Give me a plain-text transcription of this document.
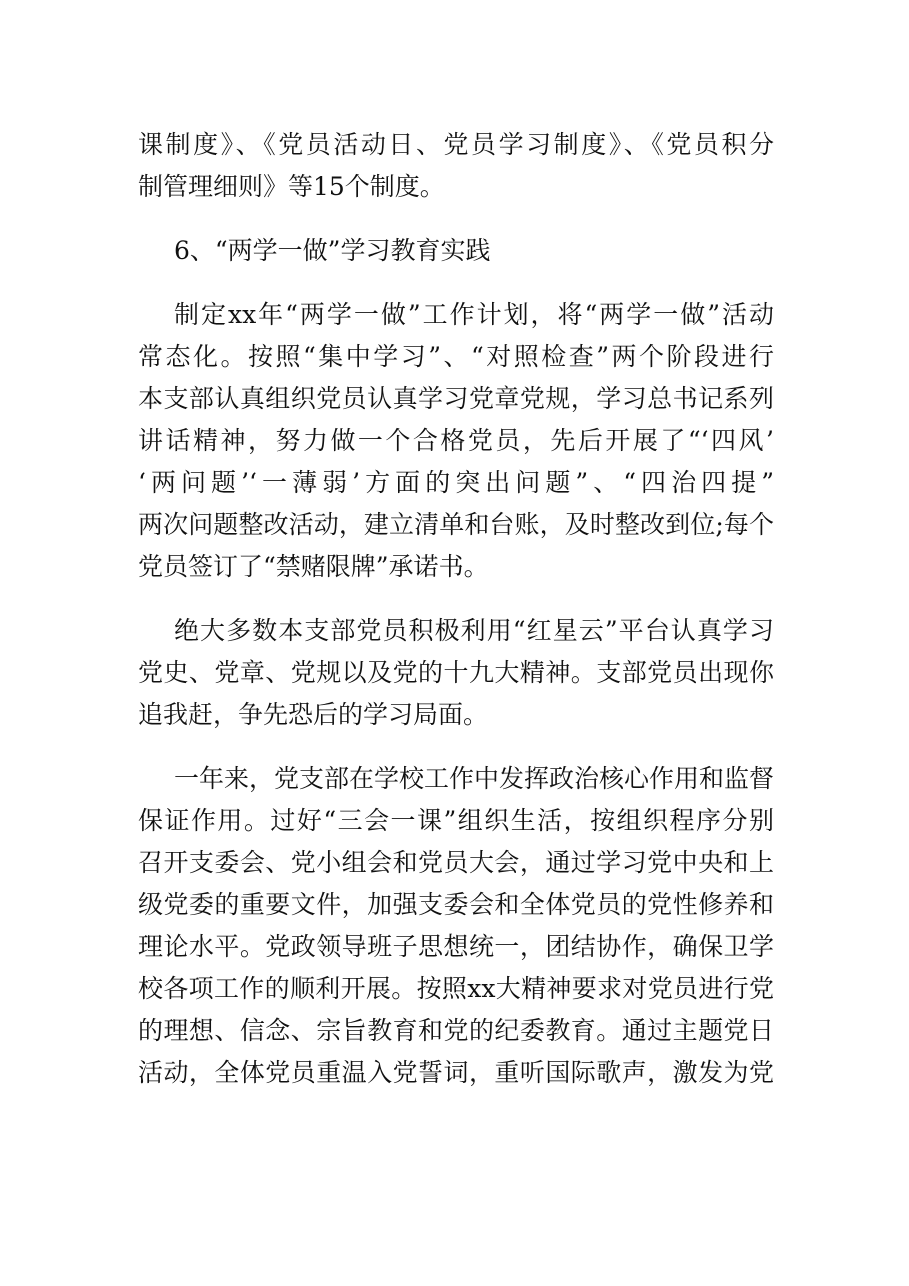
课制度》、《党员活动日、党员学习制度》、《党员积分
制管理细则》等15个制度。
6、“两学一做”学习教育实践
制定xx年“两学一做”工作计划，将“两学一做”活动
常态化。按照“集中学习”、“对照检查”两个阶段进行
本支部认真组织党员认真学习党章党规，学习总书记系列
讲话精神，努力做一个合格党员，先后开展了“‘四风’
‘两问题’‘一薄弱’方面的突出问题”、“四治四提”
两次问题整改活动，建立清单和台账，及时整改到位;每个
党员签订了“禁赌限牌”承诺书。
绝大多数本支部党员积极利用“红星云”平台认真学习
党史、党章、党规以及党的十九大精神。支部党员出现你
追我赶，争先恐后的学习局面。
一年来，党支部在学校工作中发挥政治核心作用和监督
保证作用。过好“三会一课”组织生活，按组织程序分别
召开支委会、党小组会和党员大会，通过学习党中央和上
级党委的重要文件，加强支委会和全体党员的党性修养和
理论水平。党政领导班子思想统一，团结协作，确保卫学
校各项工作的顺利开展。按照xx大精神要求对党员进行党
的理想、信念、宗旨教育和党的纪委教育。通过主题党日
活动，全体党员重温入党誓词，重听国际歌声，激发为党
